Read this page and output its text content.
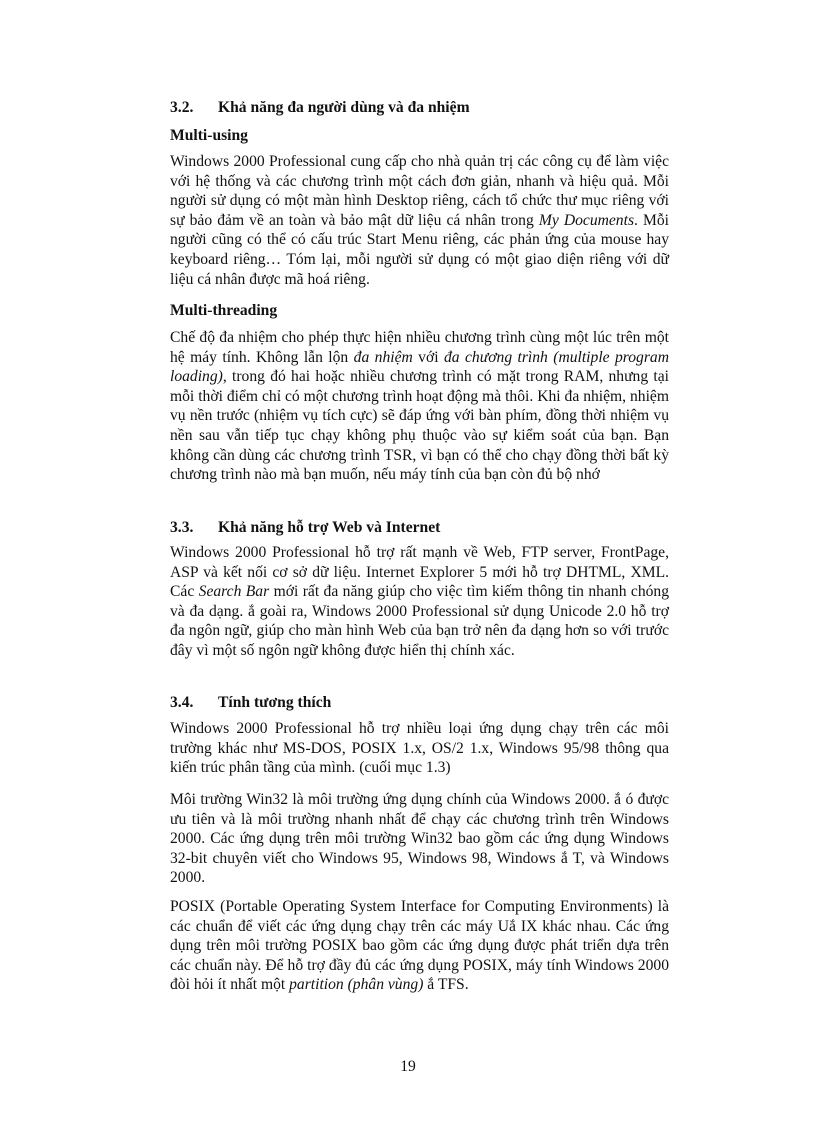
3.2. Khả năng đa người dùng và đa nhiệm
Multi-using
Windows 2000 Professional cung cấp cho nhà quản trị các công cụ để làm việc với hệ thống và các chương trình một cách đơn giản, nhanh và hiệu quả. Mỗi người sử dụng có một màn hình Desktop riêng, cách tổ chức thư mục riêng với sự bảo đảm về an toàn và bảo mật dữ liệu cá nhân trong My Documents. Mỗi người cũng có thể có cấu trúc Start Menu riêng, các phản ứng của mouse hay keyboard riêng… Tóm lại, mỗi người sử dụng có một giao diện riêng với dữ liệu cá nhân được mã hoá riêng.
Multi-threading
Chế độ đa nhiệm cho phép thực hiện nhiều chương trình cùng một lúc trên một hệ máy tính. Không lẫn lộn đa nhiệm với đa chương trình (multiple program loading), trong đó hai hoặc nhiều chương trình có mặt trong RAM, nhưng tại mỗi thời điểm chỉ có một chương trình hoạt động mà thôi. Khi đa nhiệm, nhiệm vụ nền trước (nhiệm vụ tích cực) sẽ đáp ứng với bàn phím, đồng thời nhiệm vụ nền sau vẫn tiếp tục chạy không phụ thuộc vào sự kiểm soát của bạn. Bạn không cần dùng các chương trình TSR, vì bạn có thể cho chạy đồng thời bất kỳ chương trình nào mà bạn muốn, nếu máy tính của bạn còn đủ bộ nhớ
3.3. Khả năng hỗ trợ Web và Internet
Windows 2000 Professional hỗ trợ rất mạnh về Web, FTP server, FrontPage, ASP và kết nối cơ sở dữ liệu. Internet Explorer 5 mới hỗ trợ DHTML, XML. Các Search Bar mới rất đa năng giúp cho việc tìm kiếm thông tin nhanh chóng và đa dạng. ắ goài ra, Windows 2000 Professional sử dụng Unicode 2.0 hỗ trợ đa ngôn ngữ, giúp cho màn hình Web của bạn trở nên đa dạng hơn so với trước đây vì một số ngôn ngữ không được hiển thị chính xác.
3.4. Tính tương thích
Windows 2000 Professional hỗ trợ nhiều loại ứng dụng chạy trên các môi trường khác như MS-DOS, POSIX 1.x, OS/2 1.x, Windows 95/98 thông qua kiến trúc phân tầng của mình. (cuối mục 1.3)
Môi trường Win32 là môi trường ứng dụng chính của Windows 2000. ắ ó được ưu tiên và là môi trường nhanh nhất để chạy các chương trình trên Windows 2000. Các ứng dụng trên môi trường Win32 bao gồm các ứng dụng Windows 32-bit chuyên viết cho Windows 95, Windows 98, Windows ắ T, và Windows 2000.
POSIX (Portable Operating System Interface for Computing Environments) là các chuẩn để viết các ứng dụng chạy trên các máy Uắ IX khác nhau. Các ứng dụng trên môi trường POSIX bao gồm các ứng dụng được phát triển dựa trên các chuẩn này. Để hỗ trợ đầy đủ các ứng dụng POSIX, máy tính Windows 2000 đòi hỏi ít nhất một partition (phân vùng) ắ TFS.
19
